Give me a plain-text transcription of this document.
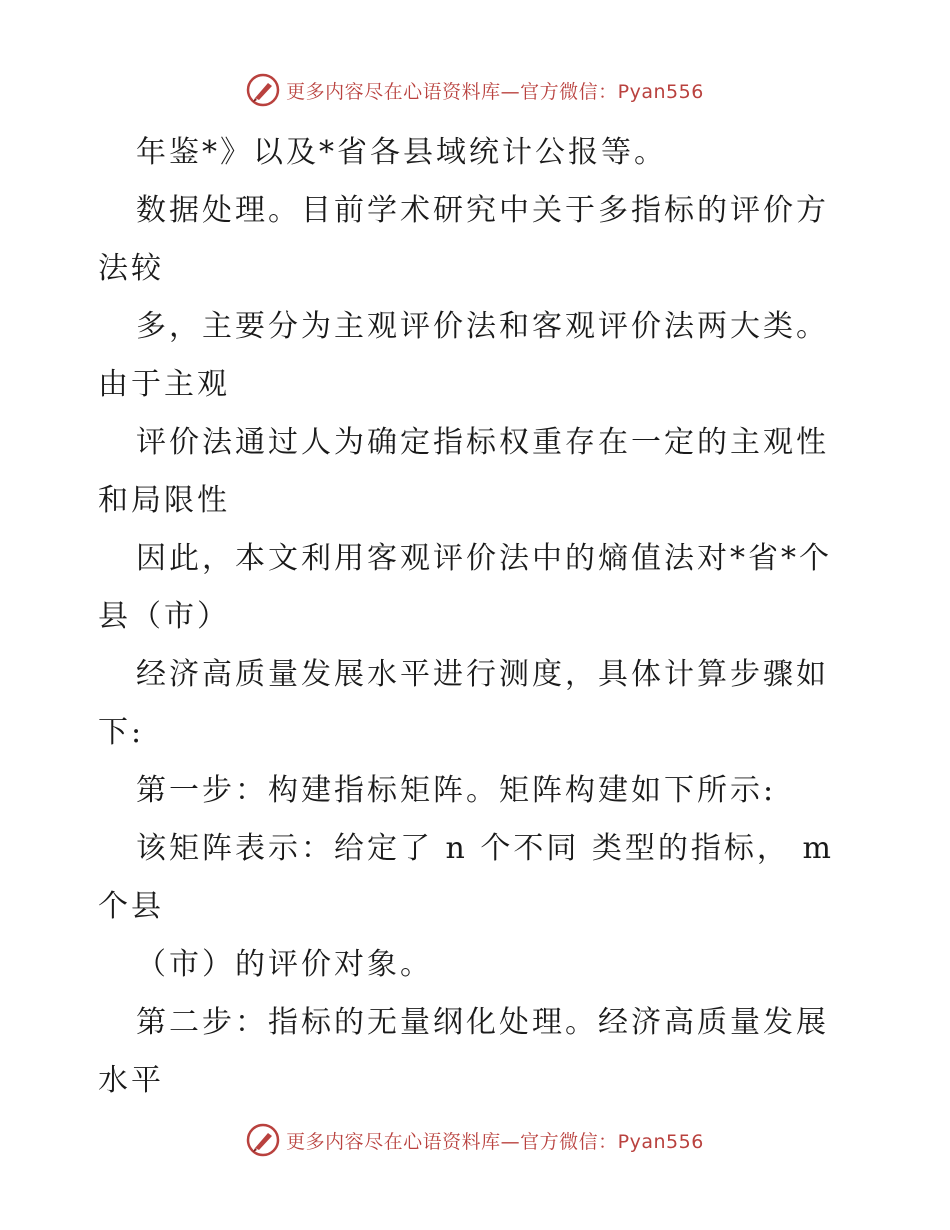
更多内容尽在心语资料库—官方微信：Pyan556
年鉴*》以及*省各县域统计公报等。
数据处理。目前学术研究中关于多指标的评价方
法较
多，主要分为主观评价法和客观评价法两大类。
由于主观
评价法通过人为确定指标权重存在一定的主观性
和局限性
因此，本文利用客观评价法中的熵值法对*省*个
县（市）
经济高质量发展水平进行测度，具体计算步骤如
下:
第一步：构建指标矩阵。矩阵构建如下所示:
该矩阵表示：给定了 n 个不同 类型的指标， m
个县
（市）的评价对象。
第二步：指标的无量纲化处理。经济高质量发展
水平
更多内容尽在心语资料库—官方微信：Pyan556
